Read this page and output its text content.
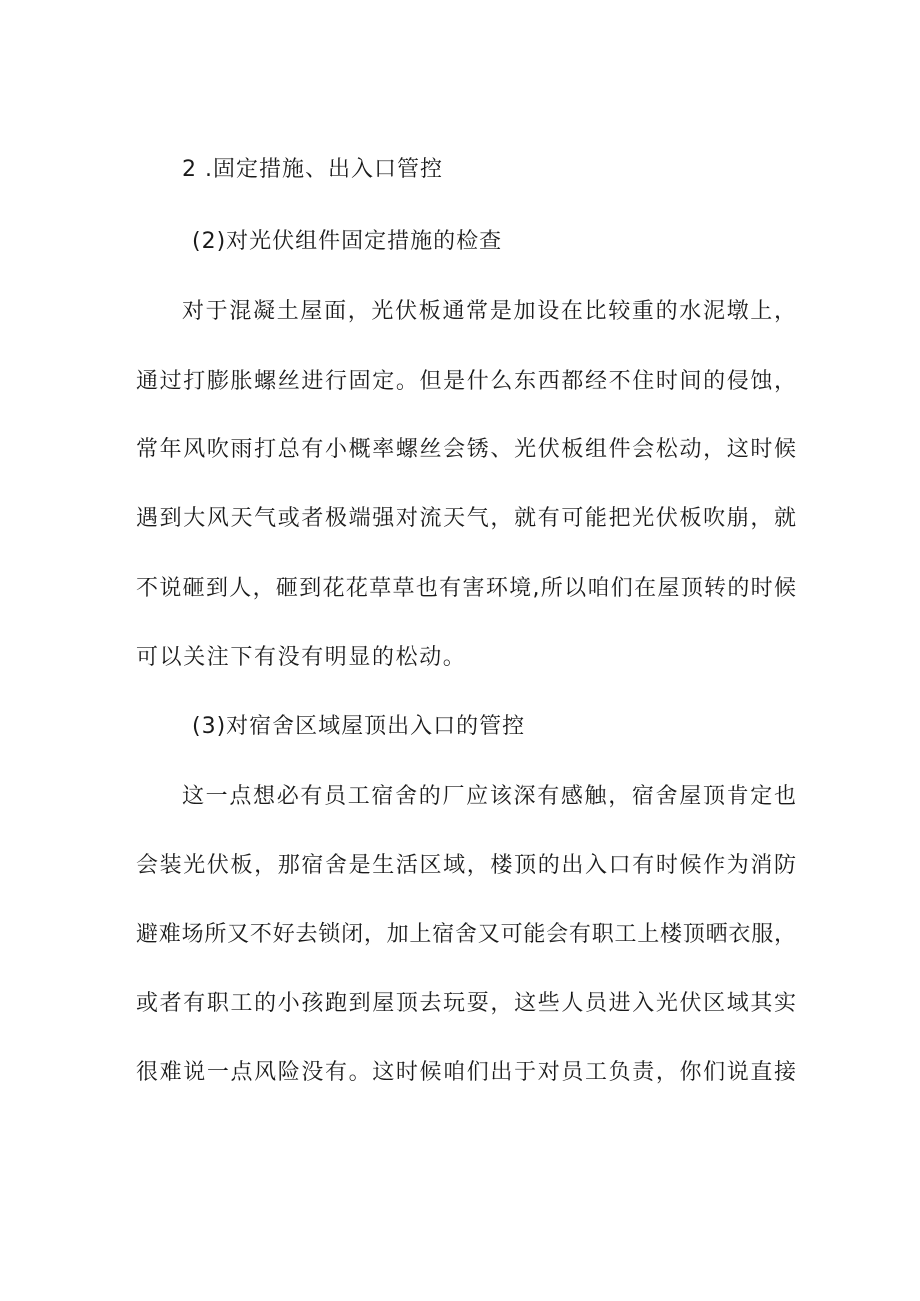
2 .固定措施、出入口管控
(2)对光伏组件固定措施的检查
对于混凝土屋面，光伏板通常是加设在比较重的水泥墩上，
通过打膨胀螺丝进行固定。但是什么东西都经不住时间的侵蚀，
常年风吹雨打总有小概率螺丝会锈、光伏板组件会松动，这时候
遇到大风天气或者极端强对流天气，就有可能把光伏板吹崩，就
不说砸到人，砸到花花草草也有害环境,所以咱们在屋顶转的时候
可以关注下有没有明显的松动。
(3)对宿舍区域屋顶出入口的管控
这一点想必有员工宿舍的厂应该深有感触，宿舍屋顶肯定也
会装光伏板，那宿舍是生活区域，楼顶的出入口有时候作为消防
避难场所又不好去锁闭，加上宿舍又可能会有职工上楼顶晒衣服，
或者有职工的小孩跑到屋顶去玩耍，这些人员进入光伏区域其实
很难说一点风险没有。这时候咱们出于对员工负责，你们说直接
